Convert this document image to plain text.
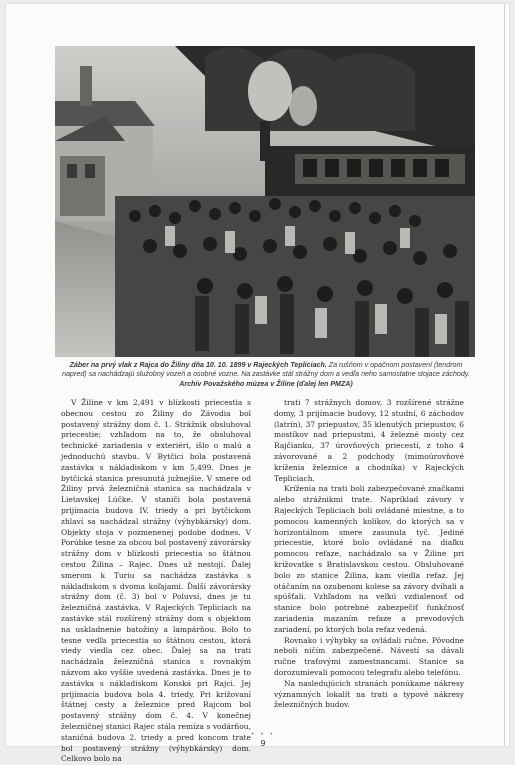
Záber na prvý vlak z Rajca do Žiliny dňa 10. 10. 1899 v Rajeckých Tepliciach. Za rušňom v opačnom postavení (tendrom napred) sa nachádzajú služobný vozeň a osobné vozne. Na zastávke stál strážny dom a vedľa neho samostatne stojace záchody.
Archív Považského múzea v Žiline (ďalej len PMZA)

V Žiline v km 2,491 v blízkosti priecestia s obecnou cestou zo Žiliny do Závodia bol postavený strážny dom č. 1. Strážnik obsluhoval priecestie; vzhľadom na to, že obsluhoval technické zariadenia v exteriéri, išlo o malú a jednoduchú stavbu. V Bytčici bola postavená zastávka s nákladiskom v km 5,499. Dnes je bytčická stanica presunutá južnejšie. V smere od Žiliny prvá železničná stanica sa nachádzala v Lietavskej Lúčke. V staniči bola postavená prijímacia budova IV. triedy a pri bytčickom zhlaví sa nachádzal strážny (výhybkársky) dom. Objekty stoja v pozmenenej podobe dodnes. V Porúbke tesne za obcou bol postavený závorársky strážny dom v blízkosti priecestia so štátnou cestou Žilina – Rajec. Dnes už nestojí. Ďalej smerom k Turiu sa nachádza zastávka s nákladiskom s dvoma koľajami. Ďalší závorársky strážny dom (č. 3) bol v Poluvsí, dnes je tu železničná zastávka. V Rajeckých Tepliciach na zastávke stál rozšírený strážny dom s objektom na uskladnenie batožiny a lampárňou. Bolo to tesne vedľa priecestia so štátnou cestou, ktorá viedy viedla cez obec. Ďalej sa na trati nachádzala železničná stanica s rovnakým názvom ako vyššie uvedená zastávka. Dnes je to zastávka s nákladiskom Konská pri Rajci. Jej prijímacia budova bola 4. triedy. Pri križovaní štátnej cesty a železnice pred Rajcom bol postavený strážny dom č. 4. V konečnej železničnej stanici Rajec stála remíza s vodárňou, staničná budova 2. triedy a pred koncom trate bol postavený strážny (výhybkársky) dom. Celkovo bolo na

trati 7 strážnych domov, 3 rozšírené strážne domy, 3 prijímacie budovy, 12 studní, 6 záchodov (latrín), 37 priepustov, 35 klenutých priepustov, 6 mostíkov nad priepustmi, 4 železné mosty cez Rajčianku, 37 úrovňových priecestí, z toho 4 závorované a 2 podchody (mimoúrovňové kríženia železnice a chodníka) v Rajeckých Tepliciach.

Kríženia na trati boli zabezpečované značkami alebo strážnikmi trate. Napríklad závory v Rajeckých Tepliciach boli ovládané miestne, a to pomocou kamenných kolíkov, do ktorých sa v horizontálnom smere zasunula tyč. Jediné priecestie, ktoré bolo ovládané na diaľku pomocou refaze, nachádzalo sa v Žiline pri križovatke s Bratislavskou cestou. Obsluhované bolo zo stanice Žilina, kam viedla refaz. Jej otáčaním na ozubenom kolese sa závory dvíhali a spúšťali. Vzhľadom na veľkú vzdialenosť od stanice bolo potrebné zabezpečiť funkčnosť zariadenia mazaním refaze a prevodových zariadení, po ktorých bola refaz vedená.

Rovnako i výhybky sa ovládali ručne. Pôvodne neboli ničím zabezpečené. Návestí sa dávali ručne traťovými zamestnancami. Stanice sa dorozumievali pomocou telegrafu alebo telefónu.

Na nasledujúcich stranách ponúkame nákresy významných lokalít na trati a typové nákresy železničných budov.

• • •
9
